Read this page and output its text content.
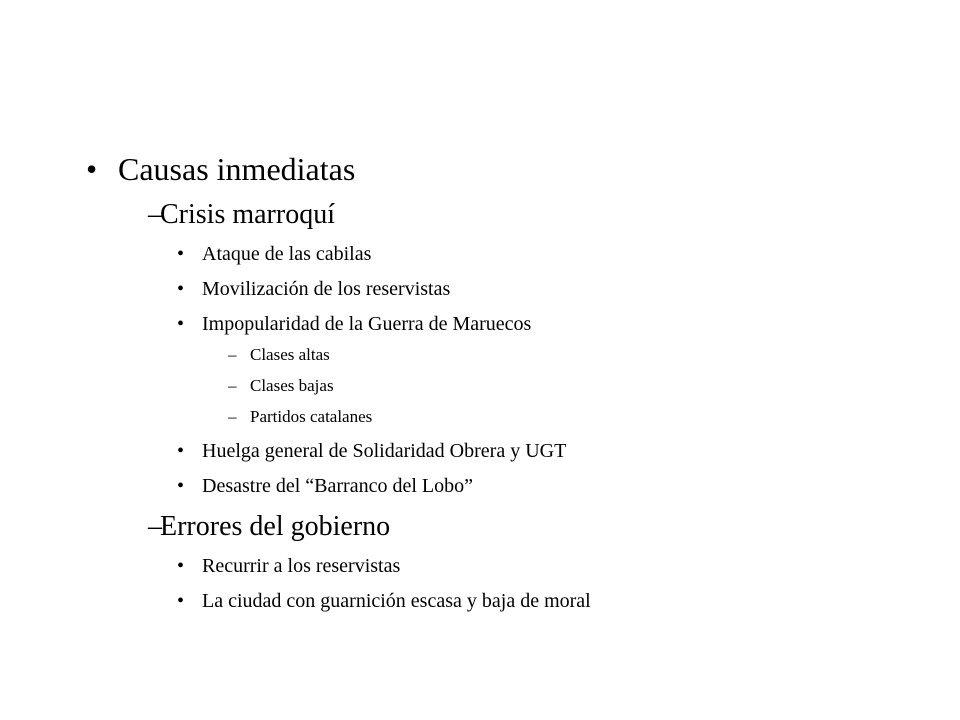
• Causas inmediatas
–
Crisis marroquí
• Ataque de las cabilas
• Movilización de los reservistas
• Impopularidad de la Guerra de Maruecos
– Clases altas
– Clases bajas
– Partidos catalanes
• Huelga general de Solidaridad Obrera y UGT
• Desastre del “Barranco del Lobo”
–
Errores del gobierno
• Recurrir a los reservistas
• La ciudad con guarnición escasa y baja de moral
